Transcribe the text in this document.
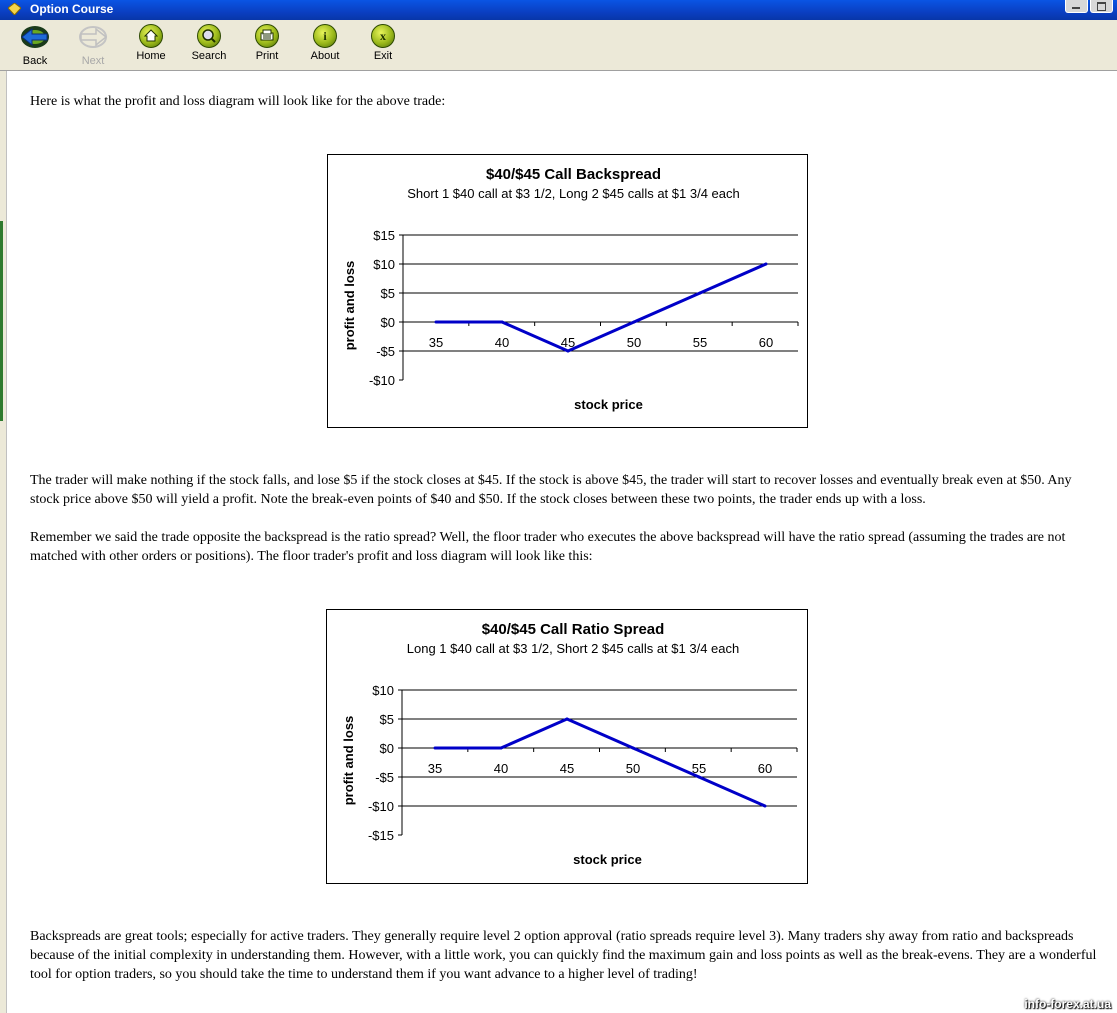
Option Course
Back	Next	Home	Search	Print
i
About
x
Exit

Here is what the profit and loss diagram will look like for the above trade:

$40/$45 Call Backspread
Short 1 $40 call at $3 1/2, Long 2 $45 calls at $1 3/4 each
-$10
-$5
$0
$5
$10
$15
35	40	45	50	55	60
stock price
profit and loss

The trader will make nothing if the stock falls, and lose $5 if the stock closes at $45. If the stock is above $45, the trader will start to recover losses and eventually break even at $50. Any stock price above $50 will yield a profit. Note the break-even points of $40 and $50. If the stock closes between these two points, the trader ends up with a loss.

Remember we said the trade opposite the backspread is the ratio spread? Well, the floor trader who executes the above backspread will have the ratio spread (assuming the trades are not matched with other orders or positions). The floor trader's profit and loss diagram will look like this:

$40/$45 Call Ratio Spread
Long 1 $40 call at $3 1/2, Short 2 $45 calls at $1 3/4 each
-$15
-$10
-$5
$0
$5
$10
35	40	45	50	55	60
stock price
profit and loss

Backspreads are great tools; especially for active traders. They generally require level 2 option approval (ratio spreads require level 3). Many traders shy away from ratio and backspreads because of the initial complexity in understanding them. However, with a little work, you can quickly find the maximum gain and loss points as well as the break-evens. They are a wonderful tool for option traders, so you should take the time to understand them if you want advance to a higher level of trading!

info-forex.at.ua
